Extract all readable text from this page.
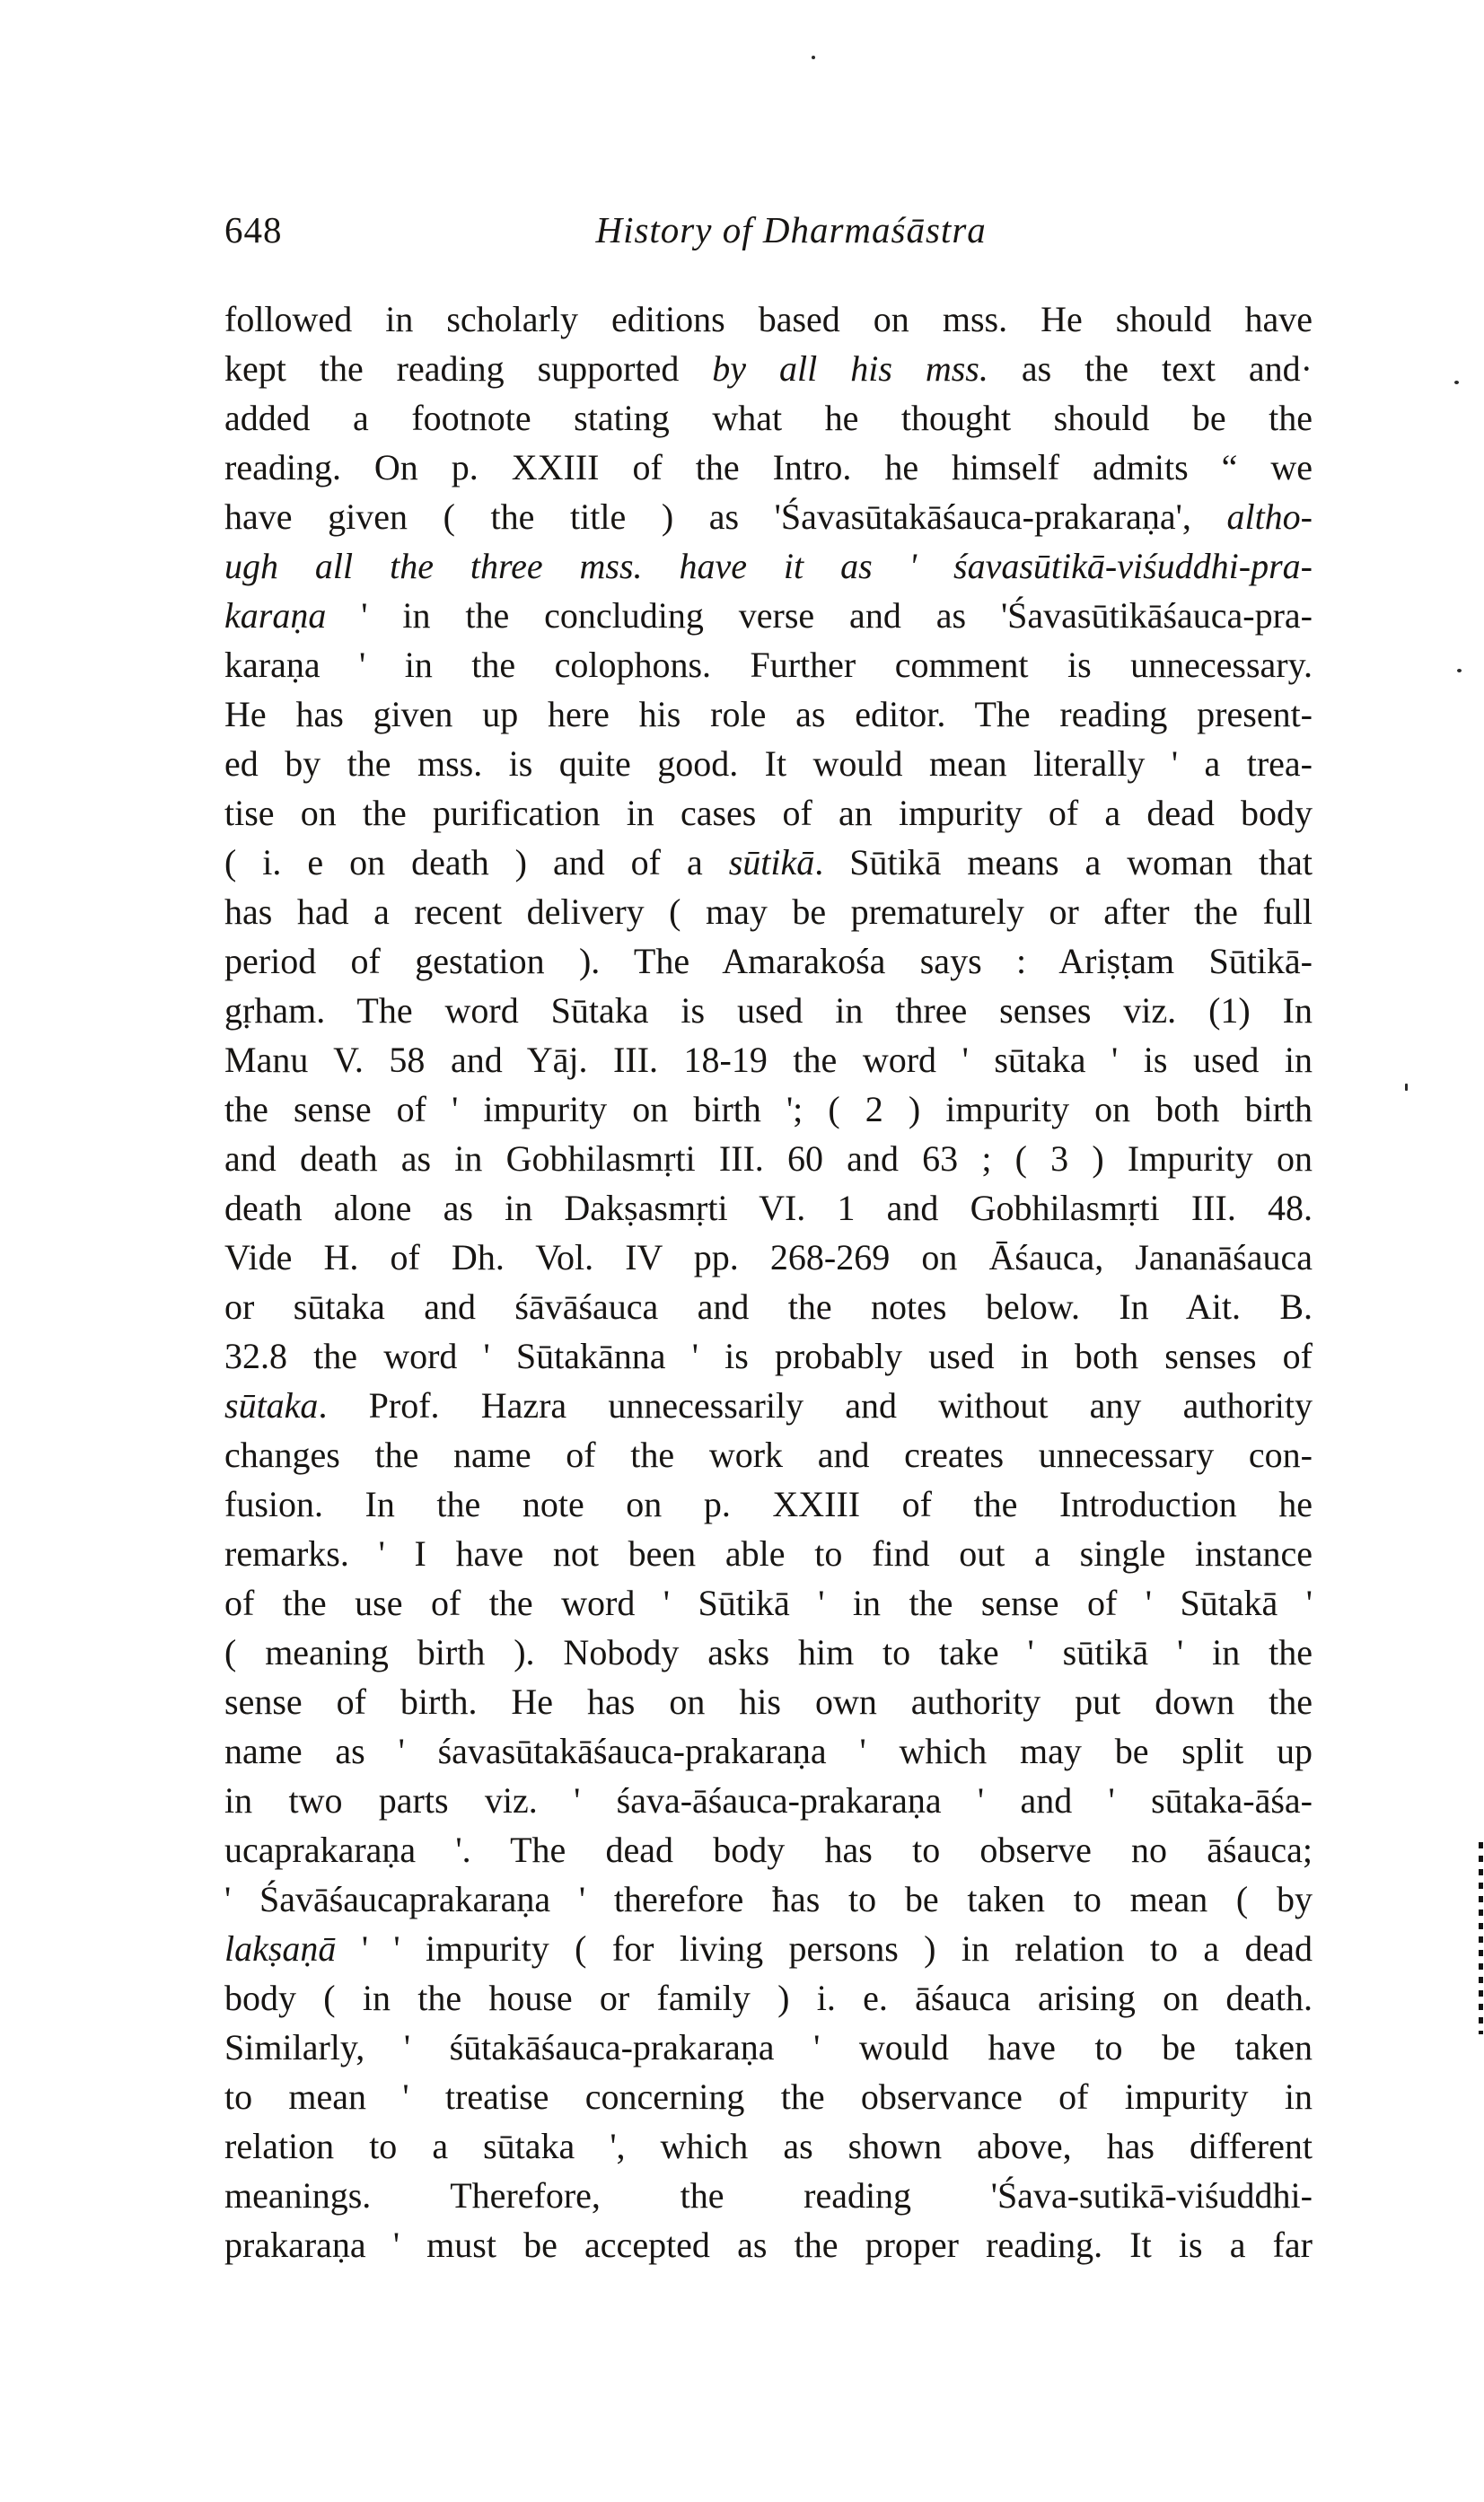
648	History of Dharmaśāstra
followed in scholarly editions based on mss. He should have
kept the reading supported by all his mss. as the text and·
added a footnote stating what he thought should be the
reading. On p. XXIII of the Intro. he himself admits “ we
have given ( the title ) as 'Śavasūtakāśauca-prakaraṇa', altho-
ugh all the three mss. have it as ' śavasūtikā-viśuddhi-pra-
karaṇa ' in the concluding verse and as 'Śavasūtikāśauca-pra-
karaṇa ' in the colophons. Further comment is unnecessary.
He has given up here his role as editor. The reading present-
ed by the mss. is quite good. It would mean literally ' a trea-
tise on the purification in cases of an impurity of a dead body
( i. e on death ) and of a sūtikā. Sūtikā means a woman that
has had a recent delivery ( may be prematurely or after the full
period of gestation ). The Amarakośa says : Ariṣṭam Sūtikā-
gṛham. The word Sūtaka is used in three senses viz. (1) In
Manu V. 58 and Yāj. III. 18-19 the word ' sūtaka ' is used in
the sense of ' impurity on birth '; ( 2 ) impurity on both birth
and death as in Gobhilasmṛti III. 60 and 63 ; ( 3 ) Impurity on
death alone as in Dakṣasmṛti VI. 1 and Gobhilasmṛti III. 48.
Vide H. of Dh. Vol. IV pp. 268-269 on Āśauca, Jananāśauca
or sūtaka and śāvāśauca and the notes below. In Ait. B.
32.8 the word ' Sūtakānna ' is probably used in both senses of
sūtaka. Prof. Hazra unnecessarily and without any authority
changes the name of the work and creates unnecessary con-
fusion. In the note on p. XXIII of the Introduction he
remarks. ' I have not been able to find out a single instance
of the use of the word ' Sūtikā ' in the sense of ' Sūtakā '
( meaning birth ). Nobody asks him to take ' sūtikā ' in the
sense of birth. He has on his own authority put down the
name as ' śavasūtakāśauca-prakaraṇa ' which may be split up
in two parts viz. ' śava-āśauca-prakaraṇa ' and ' sūtaka-āśa-
ucaprakaraṇa '. The dead body has to observe no āśauca;
' Śavāśaucaprakaraṇa ' therefore ħas to be taken to mean ( by
lakṣaṇā ' ' impurity ( for living persons ) in relation to a dead
body ( in the house or family ) i. e. āśauca arising on death.
Similarly, ' śūtakāśauca-prakaraṇa ' would have to be taken
to mean ' treatise concerning the observance of impurity in
relation to a sūtaka ', which as shown above, has different
meanings. Therefore, the reading 'Śava-sutikā-viśuddhi-
prakaraṇa ' must be accepted as the proper reading. It is a far
